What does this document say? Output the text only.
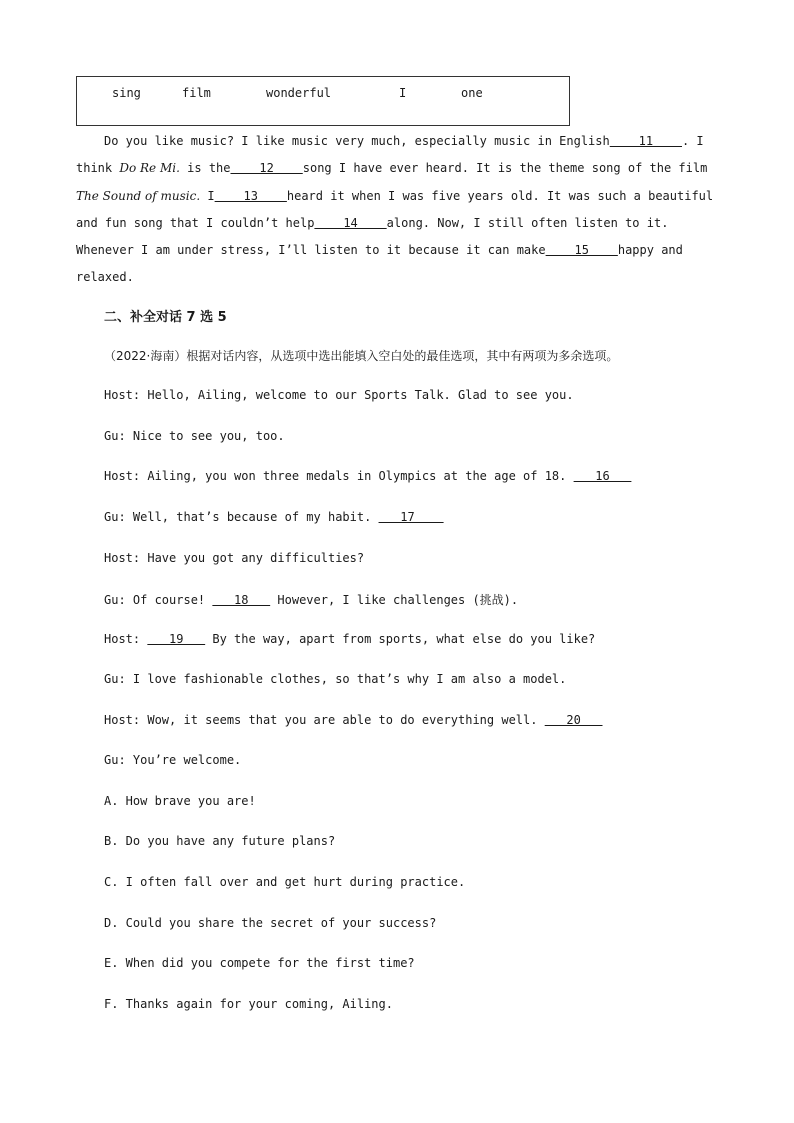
sing	film	wonderful	I	one
Do you like music? I like music very much, especially music in English    11    . I
think Do Re Mi. is the    12    song I have ever heard. It is the theme song of the film
The Sound of music. I    13    heard it when I was five years old. It was such a beautiful
and fun song that I couldn’t help    14    along. Now, I still often listen to it.
Whenever I am under stress, I’ll listen to it because it can make    15    happy and
relaxed.
二、补全对话 7 选 5
（2022·海南）根据对话内容，从选项中选出能填入空白处的最佳选项，其中有两项为多余选项。
Host: Hello, Ailing, welcome to our Sports Talk. Glad to see you.
Gu: Nice to see you, too.
Host: Ailing, you won three medals in Olympics at the age of 18.    16
Gu: Well, that’s because of my habit.    17
Host: Have you got any difficulties?
Gu: Of course!    18    However, I like challenges (挑战).
Host:    19    By the way, apart from sports, what else do you like?
Gu: I love fashionable clothes, so that’s why I am also a model.
Host: Wow, it seems that you are able to do everything well.    20
Gu: You’re welcome.
A. How brave you are!
B. Do you have any future plans?
C. I often fall over and get hurt during practice.
D. Could you share the secret of your success?
E. When did you compete for the first time?
F. Thanks again for your coming, Ailing.
